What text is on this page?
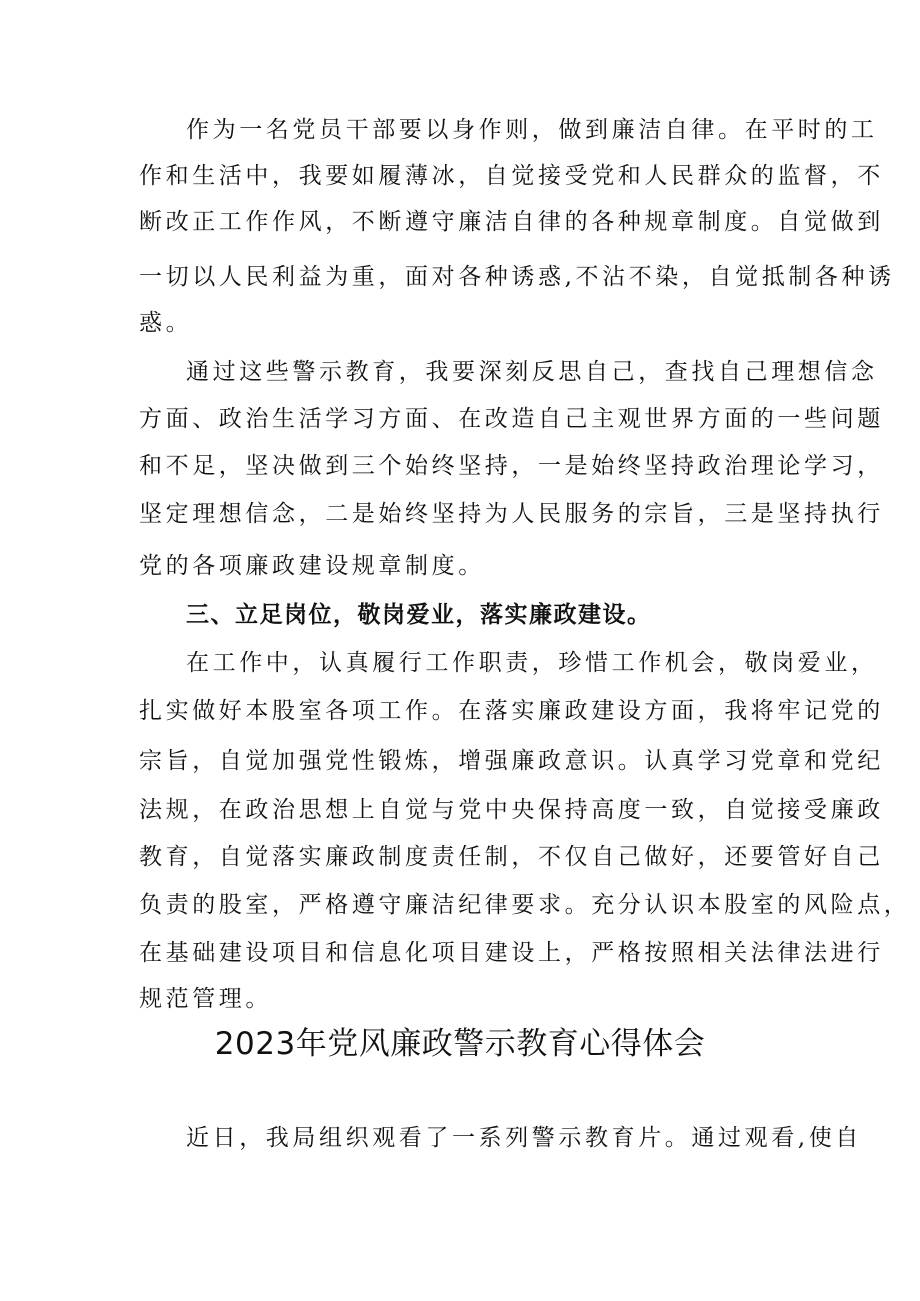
作为一名党员干部要以身作则，做到廉洁自律。在平时的工
作和生活中，我要如履薄冰，自觉接受党和人民群众的监督，不
断改正工作作风，不断遵守廉洁自律的各种规章制度。自觉做到
一切以人民利益为重，面对各种诱惑,不沾不染，自觉抵制各种诱
惑。
通过这些警示教育，我要深刻反思自己，查找自己理想信念
方面、政治生活学习方面、在改造自己主观世界方面的一些问题
和不足，坚决做到三个始终坚持，一是始终坚持政治理论学习，
坚定理想信念，二是始终坚持为人民服务的宗旨，三是坚持执行
党的各项廉政建设规章制度。
三、立足岗位，敬岗爱业，落实廉政建设。
在工作中，认真履行工作职责，珍惜工作机会，敬岗爱业，
扎实做好本股室各项工作。在落实廉政建设方面，我将牢记党的
宗旨，自觉加强党性锻炼，增强廉政意识。认真学习党章和党纪
法规，在政治思想上自觉与党中央保持高度一致，自觉接受廉政
教育，自觉落实廉政制度责任制，不仅自己做好，还要管好自己
负责的股室，严格遵守廉洁纪律要求。充分认识本股室的风险点，
在基础建设项目和信息化项目建设上，严格按照相关法律法进行
规范管理。
2023年党风廉政警示教育心得体会
近日，我局组织观看了一系列警示教育片。通过观看,使自
